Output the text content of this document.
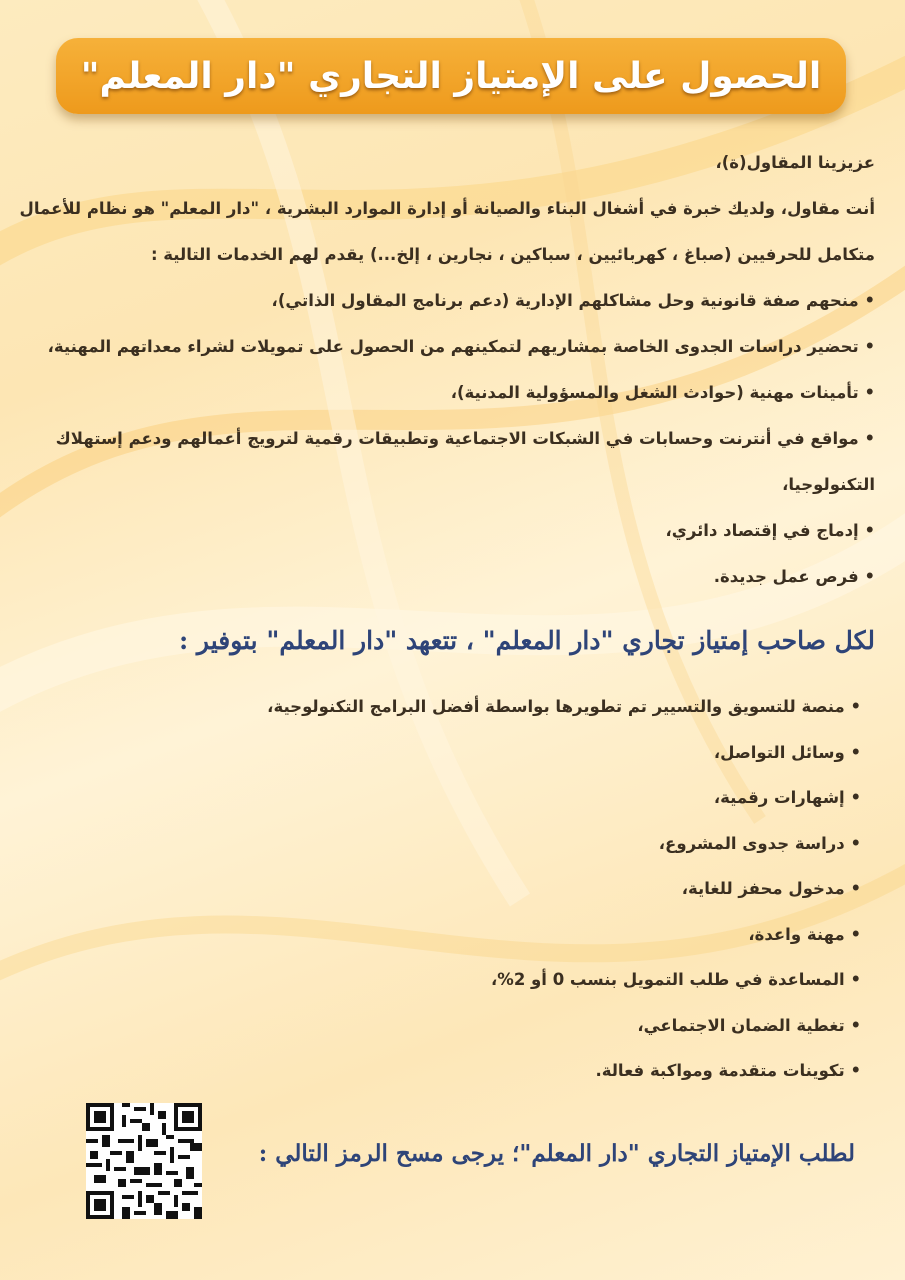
الحصول على الإمتياز التجاري "دار المعلم"

عزيزينا المقاول(ة)،

أنت مقاول، ولديك خبرة في أشغال البناء والصيانة أو إدارة الموارد البشرية ، "دار المعلم" هو نظام للأعمال

متكامل للحرفيين (صباغ ، كهربائيين ، سباكين ، نجارين ، إلخ...) يقدم لهم الخدمات التالية :

• منحهم صفة قانونية وحل مشاكلهم الإدارية (دعم برنامج المقاول الذاتي)،

• تحضير دراسات الجدوى الخاصة بمشاريهم لتمكينهم من الحصول على تمويلات لشراء معداتهم المهنية،

• تأمينات مهنية (حوادث الشغل والمسؤولية المدنية)،

• مواقع في أنترنت وحسابات في الشبكات الاجتماعية وتطبيقات رقمية لترويج أعمالهم ودعم إستهلاك

التكنولوجيا،

• إدماج في إقتصاد دائري،

• فرص عمل جديدة.

لكل صاحب إمتياز تجاري "دار المعلم" ، تتعهد "دار المعلم" بتوفير :

• منصة للتسويق والتسيير تم تطويرها بواسطة أفضل البرامج التكنولوجية،

• وسائل التواصل،

• إشهارات رقمية،

• دراسة جدوى المشروع،

• مدخول محفز للغاية،

• مهنة واعدة،

• المساعدة في طلب التمويل بنسب 0 أو 2%،

• تغطية الضمان الاجتماعي،

• تكوينات متقدمة ومواكبة فعالة.

لطلب الإمتياز التجاري "دار المعلم"؛ يرجى مسح الرمز التالي :
